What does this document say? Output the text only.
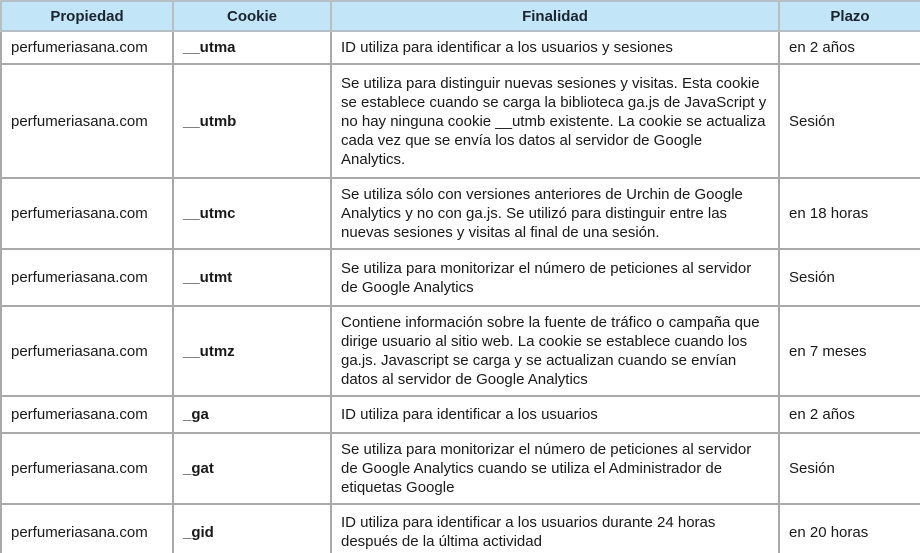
Propiedad	Cookie	Finalidad	Plazo
perfumeriasana.com	__utma	ID utiliza para identificar a los usuarios y sesiones	en 2 años
perfumeriasana.com	__utmb	Se utiliza para distinguir nuevas sesiones y visitas. Esta cookie se establece cuando se carga la biblioteca ga.js de JavaScript y no hay ninguna cookie __utmb existente. La cookie se actualiza cada vez que se envía los datos al servidor de Google Analytics.	Sesión
perfumeriasana.com	__utmc	Se utiliza sólo con versiones anteriores de Urchin de Google Analytics y no con ga.js. Se utilizó para distinguir entre las nuevas sesiones y visitas al final de una sesión.	en 18 horas
perfumeriasana.com	__utmt	Se utiliza para monitorizar el número de peticiones al servidor de Google Analytics	Sesión
perfumeriasana.com	__utmz	Contiene información sobre la fuente de tráfico o campaña que dirige usuario al sitio web. La cookie se establece cuando los ga.js. Javascript se carga y se actualizan cuando se envían datos al servidor de Google Analytics	en 7 meses
perfumeriasana.com	_ga	ID utiliza para identificar a los usuarios	en 2 años
perfumeriasana.com	_gat	Se utiliza para monitorizar el número de peticiones al servidor de Google Analytics cuando se utiliza el Administrador de etiquetas Google	Sesión
perfumeriasana.com	_gid	ID utiliza para identificar a los usuarios durante 24 horas después de la última actividad	en 20 horas
